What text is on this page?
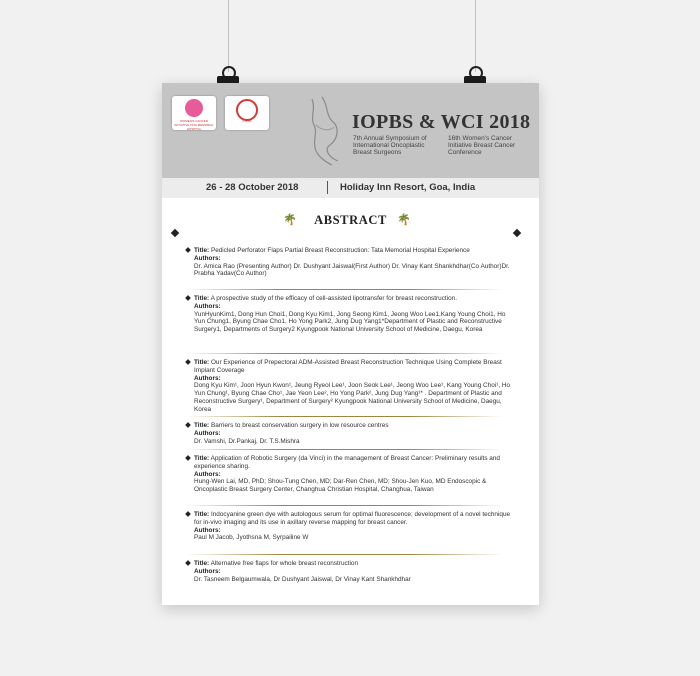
WOMEN'S CANCER INITIATIVE TATA MEMORIAL HOSPITAL
IOPBS	IOPBS & WCI 2018
7th Annual Symposium of International Oncoplastic Breast Surgeons
16th Women's Cancer Initiative Breast Cancer Conference
26 - 28 October 2018	Holiday Inn Resort, Goa, India
🌴	ABSTRACT 🌴
Title: Pedicled Perforator Flaps Partial Breast Reconstruction: Tata Memorial Hospital Experience
Authors:
Dr. Amica Rao (Presenting Author) Dr. Dushyant Jaiswal(First Author) Dr. Vinay Kant Shankhdhar(Co Author)Dr. Prabha Yadav(Co Author)
Title: A prospective study of the efficacy of cell-assisted lipotransfer for breast reconstruction.
Authors:
YunHyunKim1, Dong Hun Choi1, Dong Kyu Kim1, Jong Seong Kim1, Jeong Woo Lee1,Kang Young Choi1, Ho Yun Chung1, Byung Chae Cho1, Ho Yong Park2, Jung Dug Yang1*Department of Plastic and Reconstructive Surgery1, Departments of Surgery2 Kyungpook National University School of Medicine, Daegu, Korea
Title: Our Experience of Prepectoral ADM-Assisted Breast Reconstruction Technique Using Complete Breast Implant Coverage
Authors:
Dong Kyu Kim¹, Joon Hyun Kwon¹, Jeung Ryeol Lee¹, Joon Seok Lee¹, Jeong Woo Lee¹, Kang Young Choi¹, Ho Yun Chung¹, Byung Chae Cho¹, Jae Yeon Lee², Ho Yong Park², Jung Dug Yang¹* . Department of Plastic and Reconstructive Surgery¹, Department of Surgery² Kyungpook National University School of Medicine, Daegu, Korea
Title: Barriers to breast conservation surgery in low resource centres
Authors:
Dr. Vamshi, Dr.Pankaj, Dr. T.S.Mishra
Title: Application of Robotic Surgery (da Vinci) in the management of Breast Cancer: Preliminary results and experience sharing.
Authors:
Hung-Wen Lai, MD, PhD; Shou-Tung Chen, MD; Dar-Ren Chen, MD; Shou-Jen Kuo, MD Endoscopic & Oncoplastic Breast Surgery Center, Changhua Christian Hospital, Changhua, Taiwan
Title: Indocyanine green dye with autologous serum for optimal fluorescence; development of a novel technique for in-vivo imaging and its use in axillary reverse mapping for breast cancer.
Authors:
Paul M Jacob, Jyothsna M, Syrpailine W
Title: Alternative free flaps for whole breast reconstruction
Authors:
Dr. Tasneem Belgaumwala, Dr Dushyant Jaiswal, Dr Vinay Kant Shankhdhar
